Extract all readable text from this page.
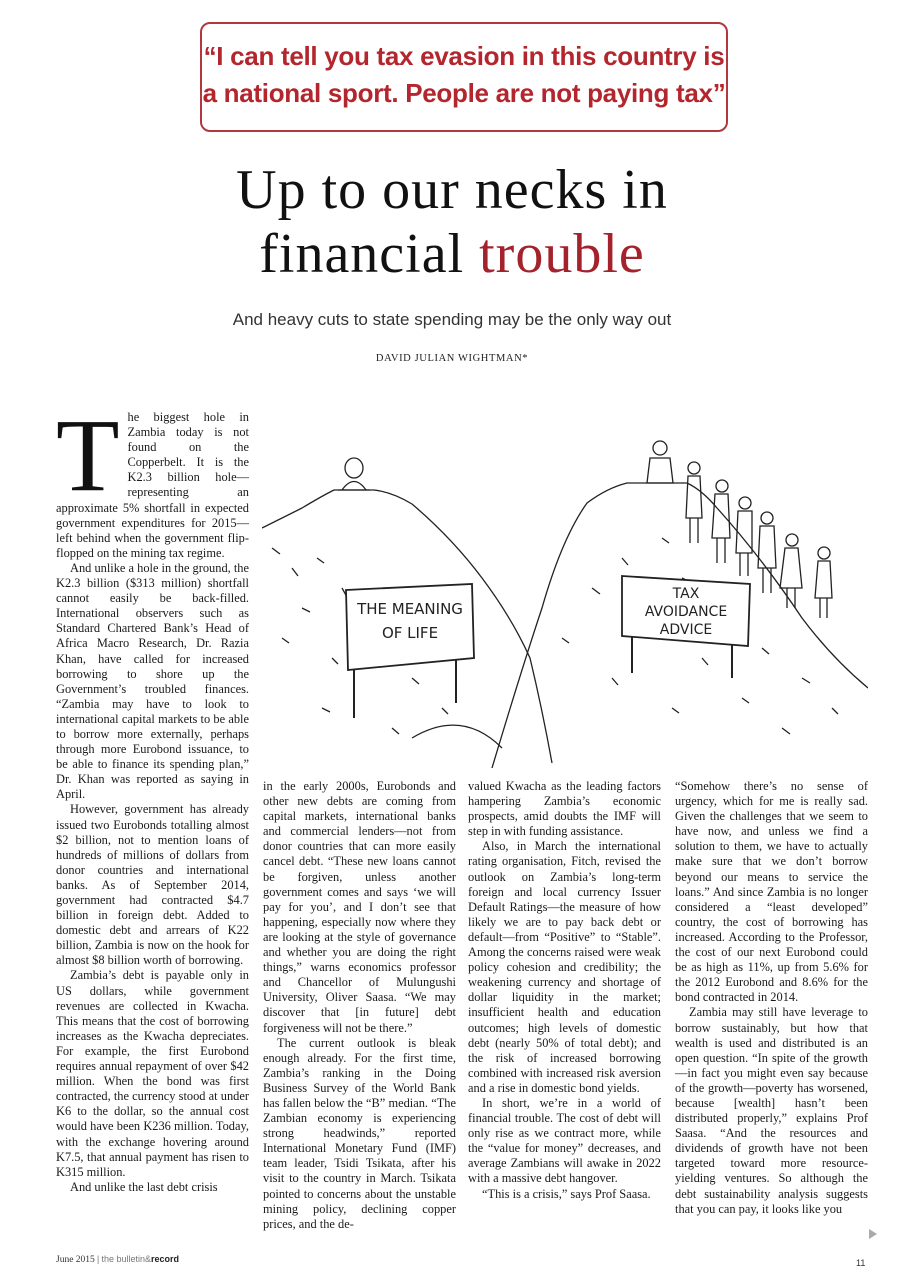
“I can tell you tax evasion in this country is a national sport. People are not paying tax”
Up to our necks in
financial trouble
And heavy cuts to state spending may be the only way out
DAVID JULIAN WIGHTMAN*
T he biggest hole in Zambia today is not found on the Copperbelt. It is the K2.3 billion hole—representing an approximate 5% shortfall in expected government expenditures for 2015—left behind when the government flip-flopped on the mining tax regime.

And unlike a hole in the ground, the K2.3 billion ($313 million) shortfall cannot easily be back-filled. International observers such as Standard Chartered Bank’s Head of Africa Macro Research, Dr. Razia Khan, have called for increased borrowing to shore up the Government’s troubled finances. “Zambia may have to look to international capital markets to be able to borrow more externally, perhaps through more Eurobond issuance, to be able to finance its spending plan,” Dr. Khan was reported as saying in April.

However, government has already issued two Eurobonds totalling almost $2 billion, not to mention loans of hundreds of millions of dollars from donor countries and international banks. As of September 2014, government had contracted $4.7 billion in foreign debt. Added to domestic debt and arrears of K22 billion, Zambia is now on the hook for almost $8 billion worth of borrowing.

Zambia’s debt is payable only in US dollars, while government revenues are collected in Kwacha. This means that the cost of borrowing increases as the Kwacha depreciates. For example, the first Eurobond requires annual repayment of over $42 million. When the bond was first contracted, the currency stood at under K6 to the dollar, so the annual cost would have been K236 million. Today, with the exchange hovering around K7.5, that annual payment has risen to K315 million.

And unlike the last debt crisis

THE MEANING
OF LIFE
TAX
AVOIDANCE
ADVICE

in the early 2000s, Eurobonds and other new debts are coming from capital markets, international banks and commercial lenders—not from donor countries that can more easily cancel debt. “These new loans cannot be forgiven, unless another government comes and says ‘we will pay for you’, and I don’t see that happening, especially now where they are looking at the style of governance and whether you are doing the right things,” warns economics professor and Chancellor of Mulungushi University, Oliver Saasa. “We may discover that [in future] debt forgiveness will not be there.”

The current outlook is bleak enough already. For the first time, Zambia’s ranking in the Doing Business Survey of the World Bank has fallen below the “B” median. “The Zambian economy is experiencing strong headwinds,” reported International Monetary Fund (IMF) team leader, Tsidi Tsikata, after his visit to the country in March. Tsikata pointed to concerns about the unstable mining policy, declining copper prices, and the de-

valued Kwacha as the leading factors hampering Zambia’s economic prospects, amid doubts the IMF will step in with funding assistance.

Also, in March the international rating organisation, Fitch, revised the outlook on Zambia’s long-term foreign and local currency Issuer Default Ratings—the measure of how likely we are to pay back debt or default—from “Positive” to “Stable”. Among the concerns raised were weak policy cohesion and credibility; the weakening currency and shortage of dollar liquidity in the market; insufficient health and education outcomes; high levels of domestic debt (nearly 50% of total debt); and the risk of increased borrowing combined with increased risk aversion and a rise in domestic bond yields.

In short, we’re in a world of financial trouble. The cost of debt will only rise as we contract more, while the “value for money” decreases, and average Zambians will awake in 2022 with a massive debt hangover.

“This is a crisis,” says Prof Saasa.

“Somehow there’s no sense of urgency, which for me is really sad. Given the challenges that we seem to have now, and unless we find a solution to them, we have to actually make sure that we don’t borrow beyond our means to service the loans.” And since Zambia is no longer considered a “least developed” country, the cost of borrowing has increased. According to the Professor, the cost of our next Eurobond could be as high as 11%, up from 5.6% for the 2012 Eurobond and 8.6% for the bond contracted in 2014.

Zambia may still have leverage to borrow sustainably, but how that wealth is used and distributed is an open question. “In spite of the growth—in fact you might even say because of the growth—poverty has worsened, because [wealth] hasn’t been distributed properly,” explains Prof Saasa. “And the resources and dividends of growth have not been targeted toward more resource-yielding ventures. So although the debt sustainability analysis suggests that you can pay, it looks like you

June 2015 | the bulletin&record	11
